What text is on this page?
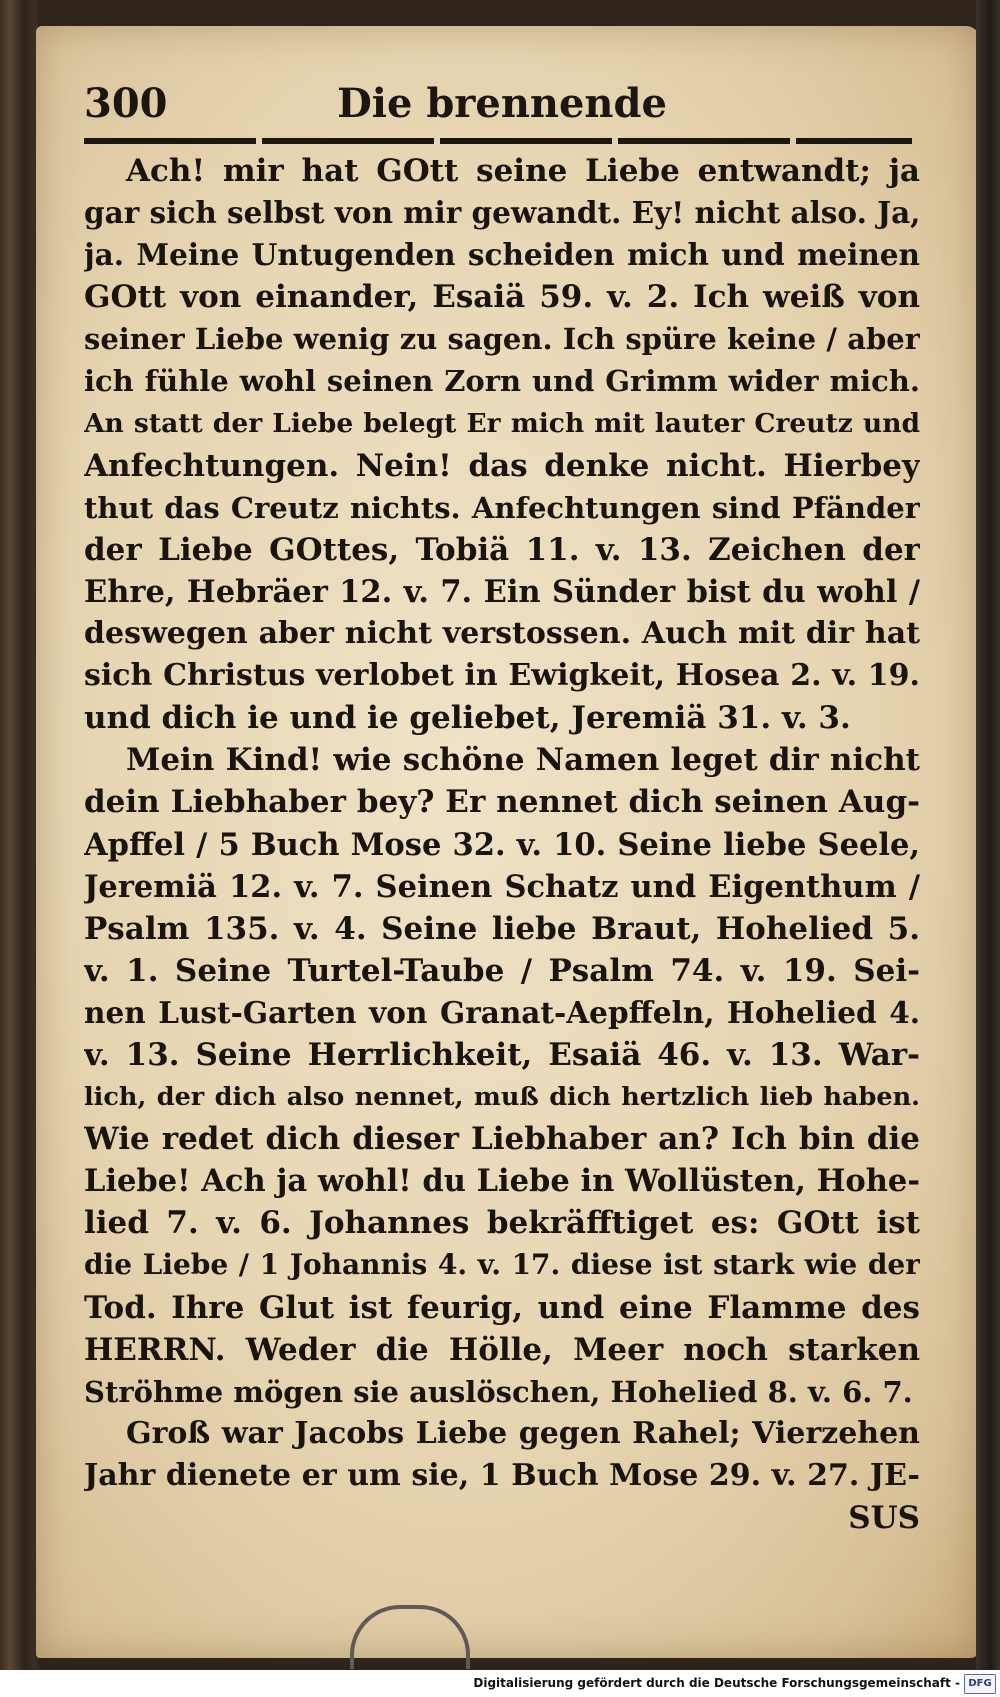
300	Die brennende
Ach! mir hat GOtt seine Liebe entwandt; ja
gar sich selbst von mir gewandt. Ey! nicht also. Ja,
ja. Meine Untugenden scheiden mich und meinen
GOtt von einander, Esaiä 59. v. 2. Ich weiß von
seiner Liebe wenig zu sagen. Ich spüre keine / aber
ich fühle wohl seinen Zorn und Grimm wider mich.
An statt der Liebe belegt Er mich mit lauter Creutz und
Anfechtungen. Nein! das denke nicht. Hierbey
thut das Creutz nichts. Anfechtungen sind Pfänder
der Liebe GOttes, Tobiä 11. v. 13. Zeichen der
Ehre, Hebräer 12. v. 7. Ein Sünder bist du wohl /
deswegen aber nicht verstossen. Auch mit dir hat
sich Christus verlobet in Ewigkeit, Hosea 2. v. 19.
und dich ie und ie geliebet, Jeremiä 31. v. 3.
Mein Kind! wie schöne Namen leget dir nicht
dein Liebhaber bey? Er nennet dich seinen Aug-
Apffel / 5 Buch Mose 32. v. 10. Seine liebe Seele,
Jeremiä 12. v. 7. Seinen Schatz und Eigenthum /
Psalm 135. v. 4. Seine liebe Braut, Hohelied 5.
v. 1. Seine Turtel-Taube / Psalm 74. v. 19. Sei-
nen Lust-Garten von Granat-Aepffeln, Hohelied 4.
v. 13. Seine Herrlichkeit, Esaiä 46. v. 13. War-
lich, der dich also nennet, muß dich hertzlich lieb haben.
Wie redet dich dieser Liebhaber an? Ich bin die
Liebe! Ach ja wohl! du Liebe in Wollüsten, Hohe-
lied 7. v. 6. Johannes bekräfftiget es: GOtt ist
die Liebe / 1 Johannis 4. v. 17. diese ist stark wie der
Tod. Ihre Glut ist feurig, und eine Flamme des
HERRN. Weder die Hölle, Meer noch starken
Ströhme mögen sie auslöschen, Hohelied 8. v. 6. 7.
Groß war Jacobs Liebe gegen Rahel; Vierzehen
Jahr dienete er um sie, 1 Buch Mose 29. v. 27. JE-
SUS
Digitalisierung gefördert durch die Deutsche Forschungsgemeinschaft - DFG
